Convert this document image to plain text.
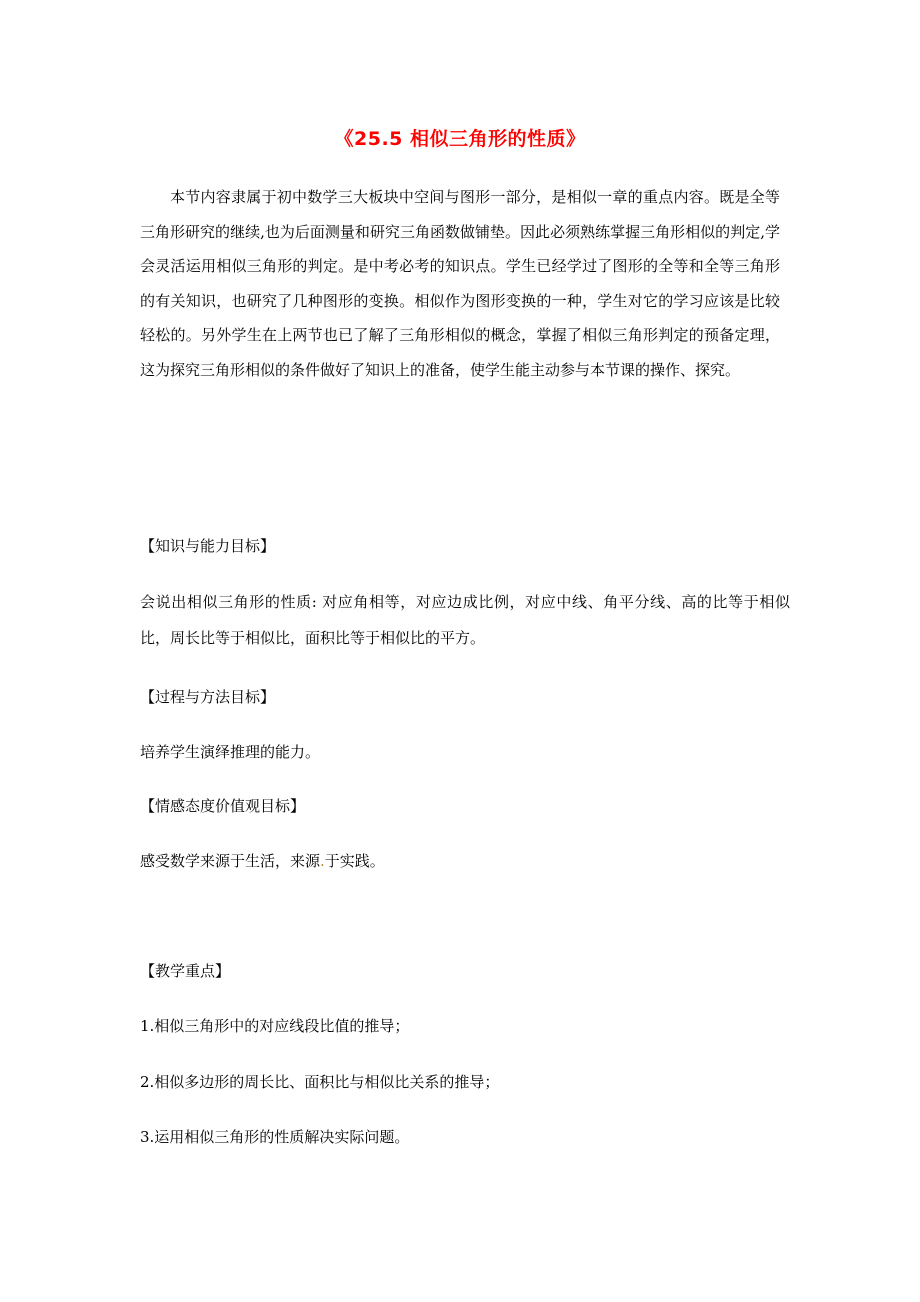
《25.5 相似三角形的性质》

本节内容隶属于初中数学三大板块中空间与图形一部分，是相似一章的重点内容。既是全等三角形研究的继续,也为后面测量和研究三角函数做铺垫。因此必须熟练掌握三角形相似的判定,学会灵活运用相似三角形的判定。是中考必考的知识点。学生已经学过了图形的全等和全等三角形的有关知识，也研究了几种图形的变换。相似作为图形变换的一种，学生对它的学习应该是比较轻松的。另外学生在上两节也已了解了三角形相似的概念，掌握了相似三角形判定的预备定理，这为探究三角形相似的条件做好了知识上的准备，使学生能主动参与本节课的操作、探究。

【知识与能力目标】

会说出相似三角形的性质: 对应角相等，对应边成比例，对应中线、角平分线、高的比等于相似比，周长比等于相似比，面积比等于相似比的平方。

【过程与方法目标】

培养学生演绎推理的能力。

【情感态度价值观目标】

感受数学来源于生活，来源.于实践。

【教学重点】

1.相似三角形中的对应线段比值的推导；

2.相似多边形的周长比、面积比与相似比关系的推导；

3.运用相似三角形的性质解决实际问题。
